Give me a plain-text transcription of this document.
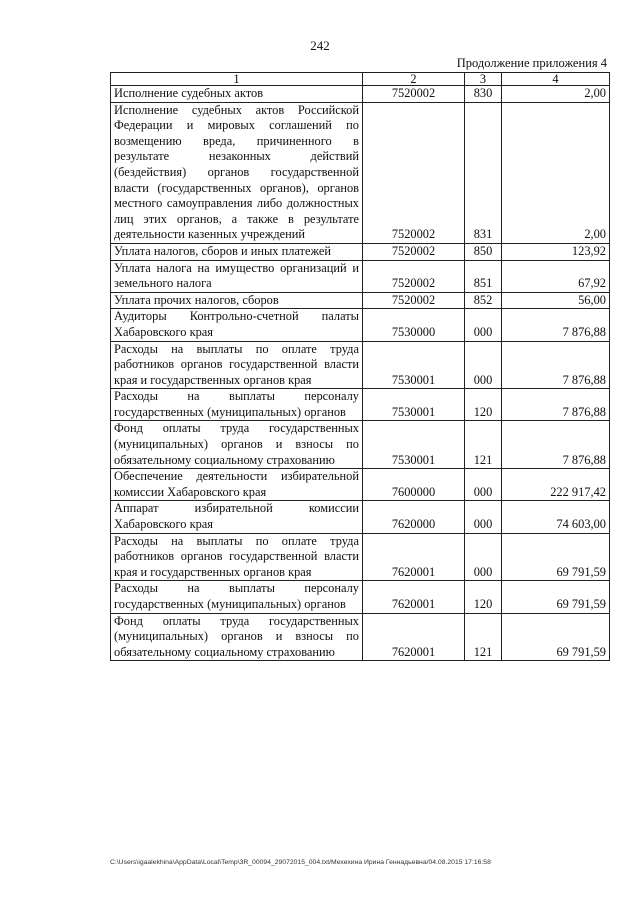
242
Продолжение приложения 4
1	2	3	4
Исполнение судебных актов	7520002	830	2,00
Исполнение судебных актов Российской Федерации и мировых соглашений по возмещению вреда, причиненного в результате незаконных действий (бездействия) органов государственной власти (государственных органов), органов местного самоуправления либо должностных лиц этих органов, а также в результате деятельности казенных учреждений	7520002	831	2,00
Уплата налогов, сборов и иных платежей	7520002	850	123,92
Уплата налога на имущество организаций и земельного налога	7520002	851	67,92
Уплата прочих налогов, сборов	7520002	852	56,00
Аудиторы Контрольно-счетной палаты Хабаровского края	7530000	000	7 876,88
Расходы на выплаты по оплате труда работников органов государственной власти края и государственных органов края	7530001	000	7 876,88
Расходы на выплаты персоналу государственных (муниципальных) органов	7530001	120	7 876,88
Фонд оплаты труда государственных (муниципальных) органов и взносы по обязательному социальному страхованию	7530001	121	7 876,88
Обеспечение деятельности избирательной комиссии Хабаровского края	7600000	000	222 917,42
Аппарат избирательной комиссии Хабаровского края	7620000	000	74 603,00
Расходы на выплаты по оплате труда работников органов государственной власти края и государственных органов края	7620001	000	69 791,59
Расходы на выплаты персоналу государственных (муниципальных) органов	7620001	120	69 791,59
Фонд оплаты труда государственных (муниципальных) органов и взносы по обязательному социальному страхованию	7620001	121	69 791,59
C:\Users\igaalekhina\AppData\Local\Temp\3R_00094_29072015_004.txt/Мехехина Ирина Геннадьевна/04.08.2015 17:16:58
